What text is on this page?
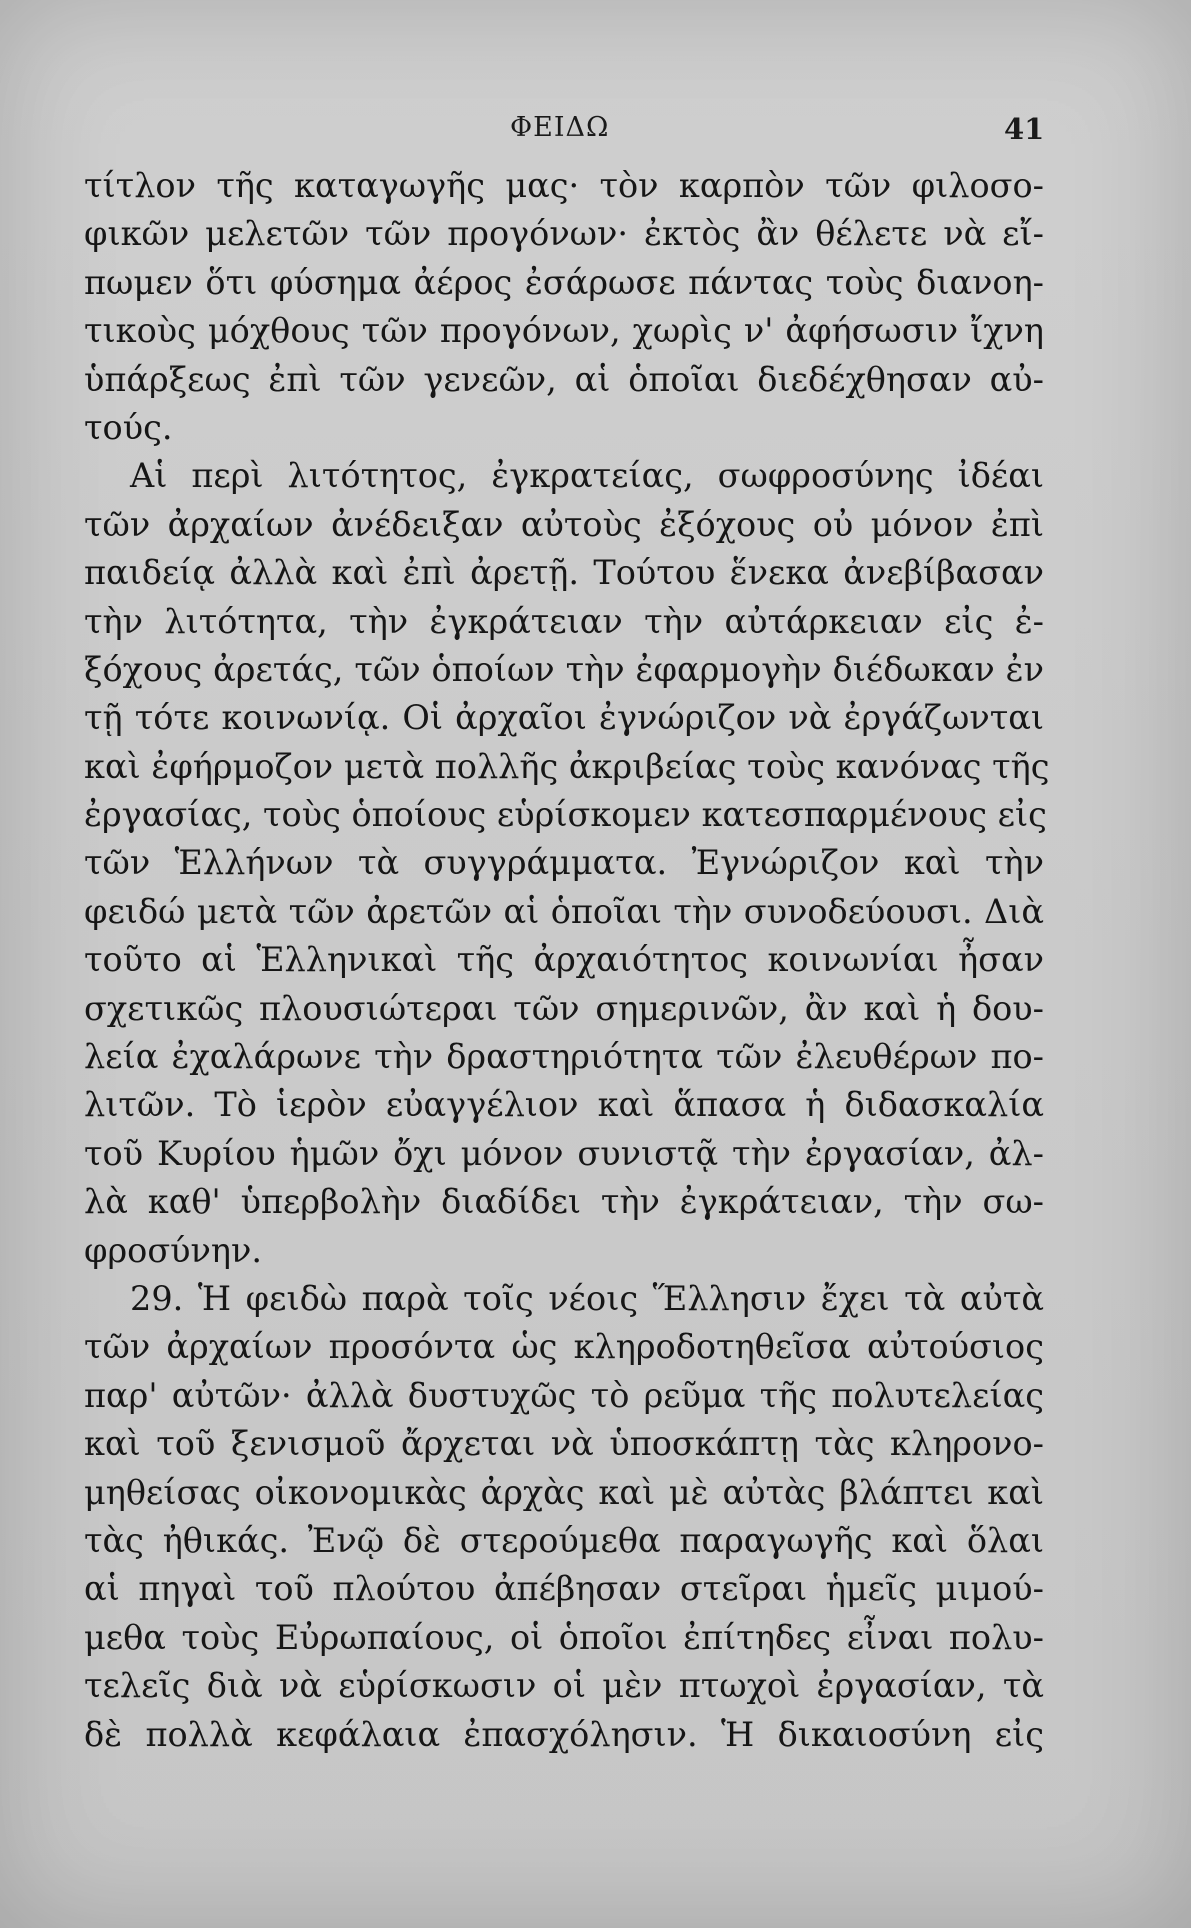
ΦΕΙΔΩ	41
τίτλον τῆς καταγωγῆς μας· τὸν καρπὸν τῶν φιλοσο-
φικῶν μελετῶν τῶν προγόνων· ἐκτὸς ἂν θέλετε νὰ εἴ-
πωμεν ὅτι φύσημα ἀέρος ἐσάρωσε πάντας τοὺς διανοη-
τικοὺς μόχθους τῶν προγόνων, χωρὶς ν' ἀφήσωσιν ἴχνη
ὑπάρξεως ἐπὶ τῶν γενεῶν, αἱ ὁποῖαι διεδέχθησαν αὐ-
τούς.
Αἱ περὶ λιτότητος, ἐγκρατείας, σωφροσύνης ἰδέαι
τῶν ἀρχαίων ἀνέδειξαν αὐτοὺς ἐξόχους οὐ μόνον ἐπὶ
παιδείᾳ ἀλλὰ καὶ ἐπὶ ἀρετῇ. Τούτου ἕνεκα ἀνεβίβασαν
τὴν λιτότητα, τὴν ἐγκράτειαν τὴν αὐτάρκειαν εἰς ἐ-
ξόχους ἀρετάς, τῶν ὁποίων τὴν ἐφαρμογὴν διέδωκαν ἐν
τῇ τότε κοινωνίᾳ. Οἱ ἀρχαῖοι ἐγνώριζον νὰ ἐργάζωνται
καὶ ἐφήρμοζον μετὰ πολλῆς ἀκριβείας τοὺς κανόνας τῆς
ἐργασίας, τοὺς ὁποίους εὑρίσκομεν κατεσπαρμένους εἰς
τῶν Ἑλλήνων τὰ συγγράμματα. Ἐγνώριζον καὶ τὴν
φειδώ μετὰ τῶν ἀρετῶν αἱ ὁποῖαι τὴν συνοδεύουσι. Διὰ
τοῦτο αἱ Ἑλληνικαὶ τῆς ἀρχαιότητος κοινωνίαι ἦσαν
σχετικῶς πλουσιώτεραι τῶν σημερινῶν, ἂν καὶ ἡ δου-
λεία ἐχαλάρωνε τὴν δραστηριότητα τῶν ἐλευθέρων πο-
λιτῶν. Τὸ ἱερὸν εὐαγγέλιον καὶ ἅπασα ἡ διδασκαλία
τοῦ Κυρίου ἡμῶν ὄχι μόνον συνιστᾷ τὴν ἐργασίαν, ἀλ-
λὰ καθ' ὑπερβολὴν διαδίδει τὴν ἐγκράτειαν, τὴν σω-
φροσύνην.
29. Ἡ φειδὼ παρὰ τοῖς νέοις Ἕλλησιν ἔχει τὰ αὐτὰ
τῶν ἀρχαίων προσόντα ὡς κληροδοτηθεῖσα αὐτούσιος
παρ' αὐτῶν· ἀλλὰ δυστυχῶς τὸ ρεῦμα τῆς πολυτελείας
καὶ τοῦ ξενισμοῦ ἄρχεται νὰ ὑποσκάπτῃ τὰς κληρονο-
μηθείσας οἰκονομικὰς ἀρχὰς καὶ μὲ αὐτὰς βλάπτει καὶ
τὰς ἠθικάς. Ἐνῷ δὲ στερούμεθα παραγωγῆς καὶ ὅλαι
αἱ πηγαὶ τοῦ πλούτου ἀπέβησαν στεῖραι ἡμεῖς μιμού-
μεθα τοὺς Εὐρωπαίους, οἱ ὁποῖοι ἐπίτηδες εἶναι πολυ-
τελεῖς διὰ νὰ εὑρίσκωσιν οἱ μὲν πτωχοὶ ἐργασίαν, τὰ
δὲ πολλὰ κεφάλαια ἐπασχόλησιν. Ἡ δικαιοσύνη εἰς
